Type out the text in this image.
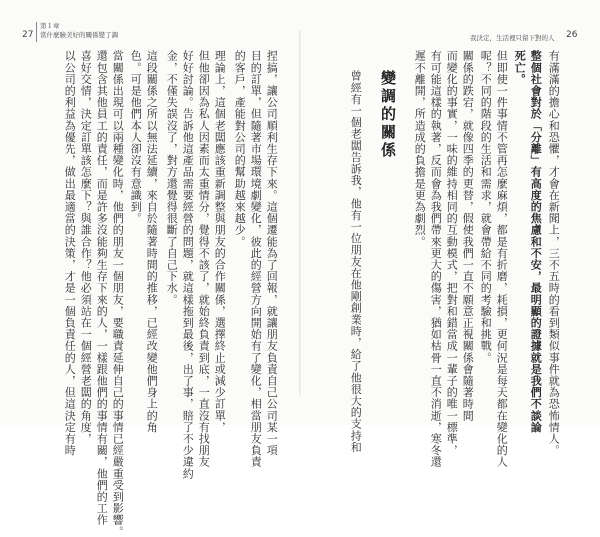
27
第１章
當什麼臉美好的關係變了調	我決定，生活裡只留下對的人 26
捏搞，讓公司順利生存下來。這個遷能為了回報，就讓朋友負責自己公司某一項
目的訂單，但隨著市場環境劇變化，彼此的經營方向開始有了變化，相當朋友負責
的客戶，產能對公司的幫助越來越少。
理論上，這個老闆應該重新調整與朋友的合作關係，選擇終止或減少訂單，
但他卻因為私人因素而太重情分，覺得不該了，就始終負責到底，一直沒有找朋友
好好討論。告訴他這產品需要經營的問題，就這樣拖到最後，出了事，賠了不少違約
金，不僅失誤沒了，對方還覺得很斷了自己下水。
這段關係之所以無法延續，來自於隨著時間的推移，已經改變他們身上的角
色。可是他們本人卻沒有意識到。
當關係出現可以兩種變化時，他們的朋友一個朋友，要職責延伸自己的事情已經嚴重受到影響。
還包含其他員工的責任，而是許多沒能夠生存下來的人，一樣跟他們的事情有關，他們的工作
喜好交情，決定訂單該怎麼下？與誰合作？他必須站在一個經營老闆的角度，
以公司的利益為優先，做出最適當的決策，才是一個負責任的人，但這決定有時	有滿滿的擔心和恐懼，才會在新聞上，三不五時的看到類似事件就為恐怖情人。
整個社會對於「分離」有高度的焦慮和不安，最明顯的證據就是我們不談論
死亡。
但即使一件事情不管再怎麼麻煩，都是有折磨，耗損，更何況是每天都在變化的人
呢？不同的階段的生活和需求，就會帶給不同的考驗和挑戰。
關係的跌宕，就像四季的更替，假使我們一直不願意正視關係會隨著時間
而變化的事實，一味的維持相同的互動模式，把對和錯當成一輩子的唯一標準，
有可能這樣的執著，反而會為我們帶來更大的傷害，猶如枯骨一直不消逝，寒冬還
遲不離開，所造成的負擔是更為劇烈。
變調的關係
曾經有一個老闆告訴我，他有一位朋友在他剛創業時，給了他很大的支持和
